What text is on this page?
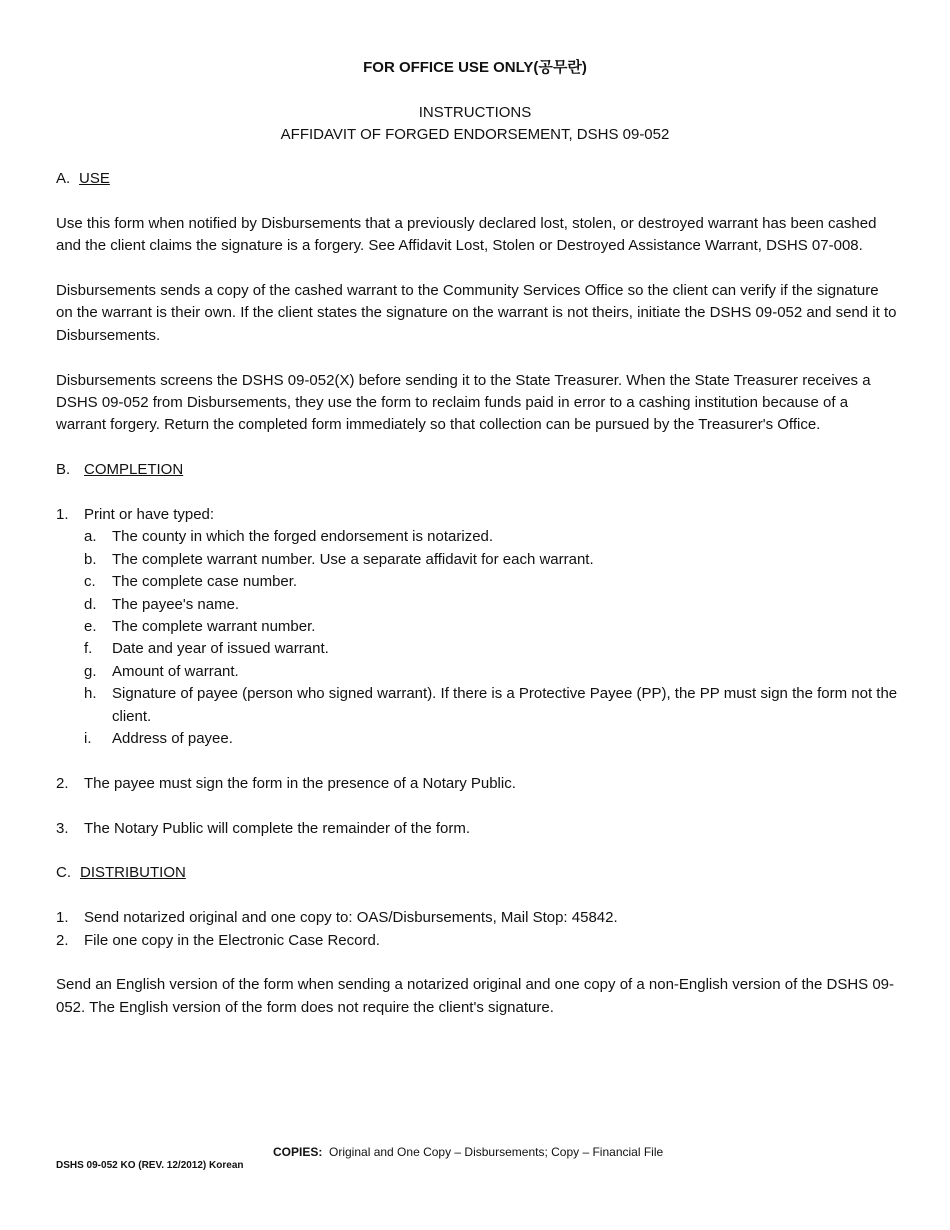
FOR OFFICE USE ONLY(공무란)
INSTRUCTIONS
AFFIDAVIT OF FORGED ENDORSEMENT, DSHS 09-052
A. USE

Use this form when notified by Disbursements that a previously declared lost, stolen, or destroyed warrant has been cashed and the client claims the signature is a forgery. See Affidavit Lost, Stolen or Destroyed Assistance Warrant, DSHS 07-008.

Disbursements sends a copy of the cashed warrant to the Community Services Office so the client can verify if the signature on the warrant is their own. If the client states the signature on the warrant is not theirs, initiate the DSHS 09-052 and send it to Disbursements.

Disbursements screens the DSHS 09-052(X) before sending it to the State Treasurer. When the State Treasurer receives a DSHS 09-052 from Disbursements, they use the form to reclaim funds paid in error to a cashing institution because of a warrant forgery. Return the completed form immediately so that collection can be pursued by the Treasurer's Office.

B. COMPLETION
1.	Print or have typed:
a.	The county in which the forged endorsement is notarized.
b.	The complete warrant number. Use a separate affidavit for each warrant.
c.	The complete case number.
d.	The payee's name.
e.	The complete warrant number.
f.	Date and year of issued warrant.
g.	Amount of warrant.
h.	Signature of payee (person who signed warrant). If there is a Protective Payee (PP), the PP must sign the form not the client.
i.	Address of payee.
2.	The payee must sign the form in the presence of a Notary Public.
3.	The Notary Public will complete the remainder of the form.
C. DISTRIBUTION
1.	Send notarized original and one copy to: OAS/Disbursements, Mail Stop: 45842.
2.	File one copy in the Electronic Case Record.

Send an English version of the form when sending a notarized original and one copy of a non-English version of the DSHS 09-052. The English version of the form does not require the client's signature.

COPIES: Original and One Copy – Disbursements; Copy – Financial File
DSHS 09-052 KO (REV. 12/2012) Korean
